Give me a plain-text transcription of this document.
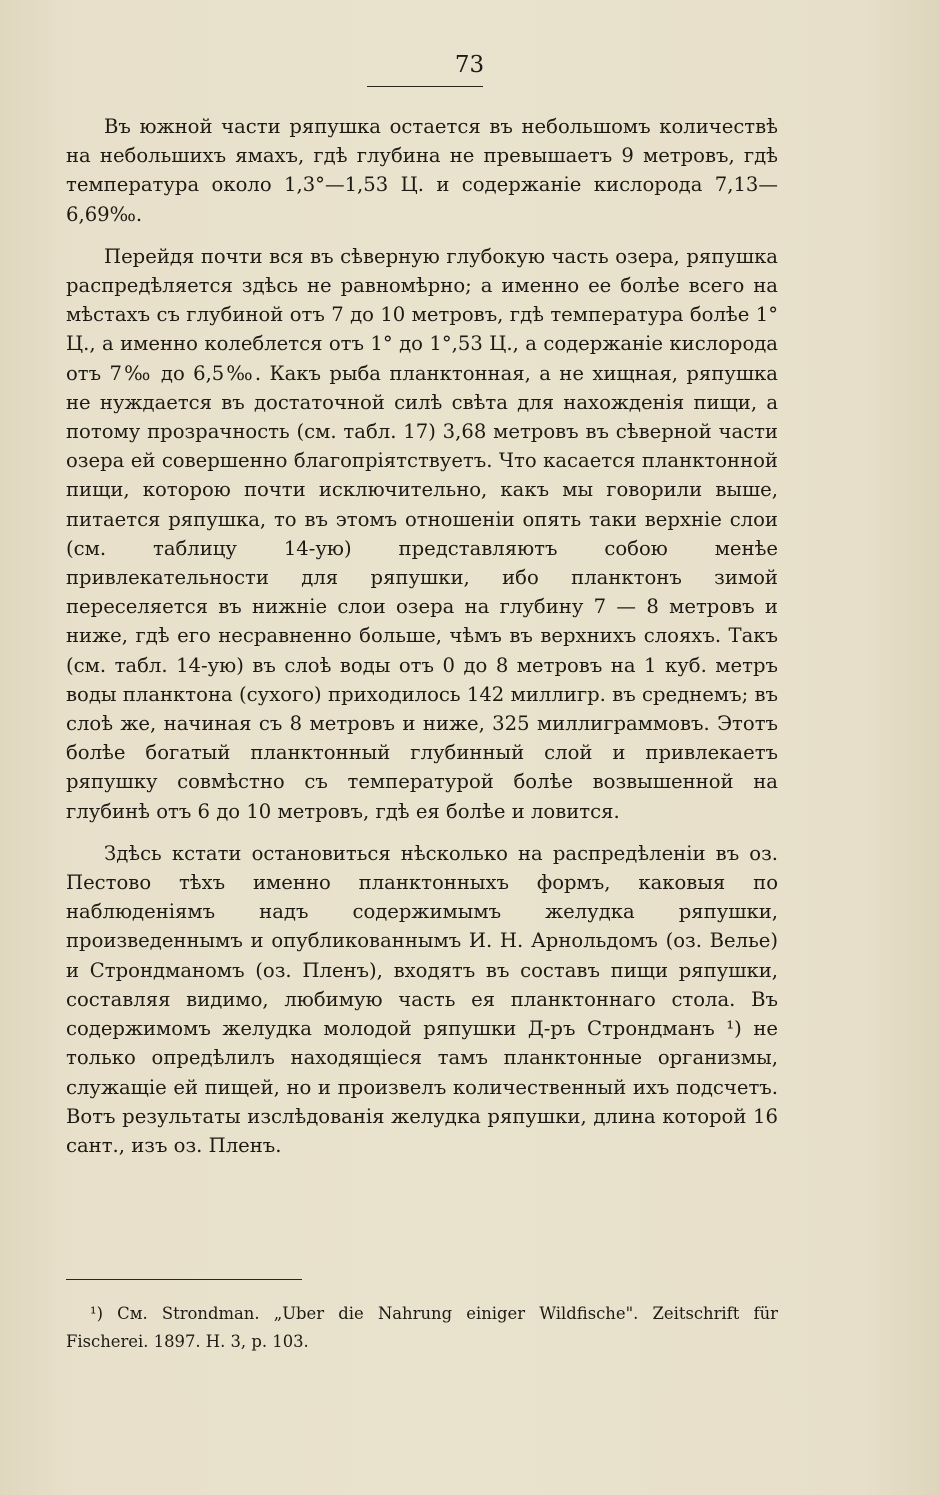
73

Въ южной части ряпушка остается въ небольшомъ количествѣ на небольшихъ ямахъ, гдѣ глубина не превышаетъ 9 метровъ, гдѣ температура около 1,3°—1,53 Ц. и содержаніе кислорода 7,13—6,69‰.

Перейдя почти вся въ сѣверную глубокую часть озера, ряпушка распредѣляется здѣсь не равномѣрно; а именно ее болѣе всего на мѣстахъ съ глубиной отъ 7 до 10 метровъ, гдѣ температура болѣе 1° Ц., а именно колеблется отъ 1° до 1°,53 Ц., а содержаніе кислорода отъ 7‰ до 6,5‰. Какъ рыба планктонная, а не хищная, ряпушка не нуждается въ достаточной силѣ свѣта для нахожденія пищи, а потому прозрачность (см. табл. 17) 3,68 метровъ въ сѣверной части озера ей совершенно благопріятствуетъ. Что касается планктонной пищи, которою почти исключительно, какъ мы говорили выше, питается ряпушка, то въ этомъ отношеніи опять таки верхніе слои (см. таблицу 14-ую) представляютъ собою менѣе привлекательности для ряпушки, ибо планктонъ зимой переселяется въ нижніе слои озера на глубину 7 — 8 метровъ и ниже, гдѣ его несравненно больше, чѣмъ въ верхнихъ слояхъ. Такъ (см. табл. 14-ую) въ слоѣ воды отъ 0 до 8 метровъ на 1 куб. метръ воды планктона (сухого) приходилось 142 миллигр. въ среднемъ; въ слоѣ же, начиная съ 8 метровъ и ниже, 325 миллиграммовъ. Этотъ болѣе богатый планктонный глубинный слой и привлекаетъ ряпушку совмѣстно съ температурой болѣе возвышенной на глубинѣ отъ 6 до 10 метровъ, гдѣ ея болѣе и ловится.

Здѣсь кстати остановиться нѣсколько на распредѣленіи въ оз. Пестово тѣхъ именно планктонныхъ формъ, каковыя по наблюденіямъ надъ содержимымъ желудка ряпушки, произведеннымъ и опубликованнымъ И. Н. Арнольдомъ (оз. Велье) и Строндманомъ (оз. Пленъ), входятъ въ составъ пищи ряпушки, составляя видимо, любимую часть ея планктоннаго стола. Въ содержимомъ желудка молодой ряпушки Д-ръ Строндманъ ¹) не только опредѣлилъ находящіеся тамъ планктонные организмы, служащіе ей пищей, но и произвелъ количественный ихъ подсчетъ. Вотъ результаты изслѣдованія желудка ряпушки, длина которой 16 сант., изъ оз. Пленъ.

¹) См. Strondman. „Uber die Nahrung einiger Wildfische". Zeitschrift für Fischerei. 1897. H. 3, p. 103.
